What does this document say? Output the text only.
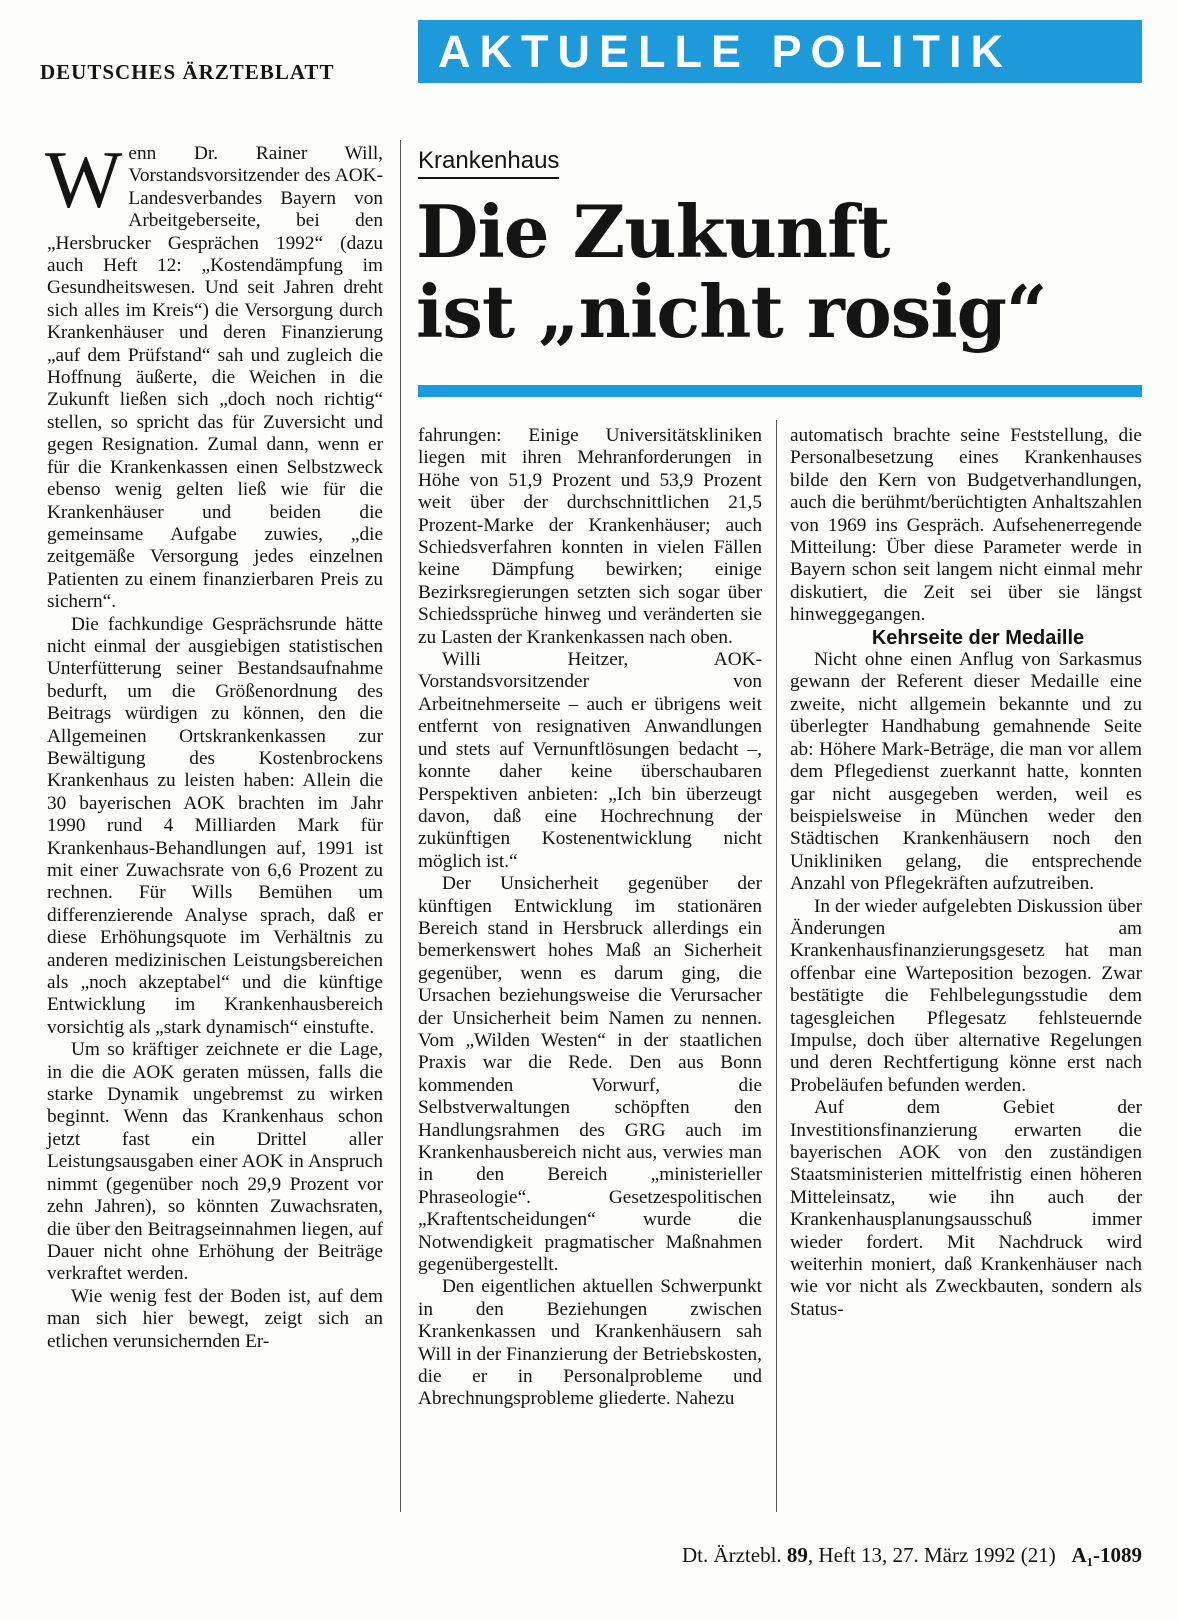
DEUTSCHES ÄRZTEBLATT	AKTUELLE POLITIK
Krankenhaus
Die Zukunft
ist „nicht rosig“

Wenn Dr. Rainer Will, Vorstandsvorsitzender des AOK-Landesverbandes Bayern von Arbeitgeberseite, bei den „Hersbrucker Gesprächen 1992“ (dazu auch Heft 12: „Kostendämpfung im Gesundheitswesen. Und seit Jahren dreht sich alles im Kreis“) die Versorgung durch Krankenhäuser und deren Finanzierung „auf dem Prüfstand“ sah und zugleich die Hoffnung äußerte, die Weichen in die Zukunft ließen sich „doch noch richtig“ stellen, so spricht das für Zuversicht und gegen Resignation. Zumal dann, wenn er für die Krankenkassen einen Selbstzweck ebenso wenig gelten ließ wie für die Krankenhäuser und beiden die gemeinsame Aufgabe zuwies, „die zeitgemäße Versorgung jedes einzelnen Patienten zu einem finanzierbaren Preis zu sichern“.

Die fachkundige Gesprächsrunde hätte nicht einmal der ausgiebigen statistischen Unterfütterung seiner Bestandsaufnahme bedurft, um die Größenordnung des Beitrags würdigen zu können, den die Allgemeinen Ortskrankenkassen zur Bewältigung des Kostenbrockens Krankenhaus zu leisten haben: Allein die 30 bayerischen AOK brachten im Jahr 1990 rund 4 Milliarden Mark für Krankenhaus-Behandlungen auf, 1991 ist mit einer Zuwachsrate von 6,6 Prozent zu rechnen. Für Wills Bemühen um differenzierende Analyse sprach, daß er diese Erhöhungsquote im Verhältnis zu anderen medizinischen Leistungsbereichen als „noch akzeptabel“ und die künftige Entwicklung im Krankenhausbereich vorsichtig als „stark dynamisch“ einstufte.

Um so kräftiger zeichnete er die Lage, in die die AOK geraten müssen, falls die starke Dynamik ungebremst zu wirken beginnt. Wenn das Krankenhaus schon jetzt fast ein Drittel aller Leistungsausgaben einer AOK in Anspruch nimmt (gegenüber noch 29,9 Prozent vor zehn Jahren), so könnten Zuwachsraten, die über den Beitragseinnahmen liegen, auf Dauer nicht ohne Erhöhung der Beiträge verkraftet werden.

Wie wenig fest der Boden ist, auf dem man sich hier bewegt, zeigt sich an etlichen verunsichernden Er-

fahrungen: Einige Universitätskliniken liegen mit ihren Mehranforderungen in Höhe von 51,9 Prozent und 53,9 Prozent weit über der durchschnittlichen 21,5 Prozent-Marke der Krankenhäuser; auch Schiedsverfahren konnten in vielen Fällen keine Dämpfung bewirken; einige Bezirksregierungen setzten sich sogar über Schiedssprüche hinweg und veränderten sie zu Lasten der Krankenkassen nach oben.

Willi Heitzer, AOK-Vorstandsvorsitzender von Arbeitnehmerseite – auch er übrigens weit entfernt von resignativen Anwandlungen und stets auf Vernunftlösungen bedacht –, konnte daher keine überschaubaren Perspektiven anbieten: „Ich bin überzeugt davon, daß eine Hochrechnung der zukünftigen Kostenentwicklung nicht möglich ist.“

Der Unsicherheit gegenüber der künftigen Entwicklung im stationären Bereich stand in Hersbruck allerdings ein bemerkenswert hohes Maß an Sicherheit gegenüber, wenn es darum ging, die Ursachen beziehungsweise die Verursacher der Unsicherheit beim Namen zu nennen. Vom „Wilden Westen“ in der staatlichen Praxis war die Rede. Den aus Bonn kommenden Vorwurf, die Selbstverwaltungen schöpften den Handlungsrahmen des GRG auch im Krankenhausbereich nicht aus, verwies man in den Bereich „ministerieller Phraseologie“. Gesetzespolitischen „Kraftentscheidungen“ wurde die Notwendigkeit pragmatischer Maßnahmen gegenübergestellt.

Den eigentlichen aktuellen Schwerpunkt in den Beziehungen zwischen Krankenkassen und Krankenhäusern sah Will in der Finanzierung der Betriebskosten, die er in Personalprobleme und Abrechnungsprobleme gliederte. Nahezu

automatisch brachte seine Feststellung, die Personalbesetzung eines Krankenhauses bilde den Kern von Budgetverhandlungen, auch die berühmt/berüchtigten Anhaltszahlen von 1969 ins Gespräch. Aufsehenerregende Mitteilung: Über diese Parameter werde in Bayern schon seit langem nicht einmal mehr diskutiert, die Zeit sei über sie längst hinweggegangen.

Kehrseite der Medaille

Nicht ohne einen Anflug von Sarkasmus gewann der Referent dieser Medaille eine zweite, nicht allgemein bekannte und zu überlegter Handhabung gemahnende Seite ab: Höhere Mark-Beträge, die man vor allem dem Pflegedienst zuerkannt hatte, konnten gar nicht ausgegeben werden, weil es beispielsweise in München weder den Städtischen Krankenhäusern noch den Unikliniken gelang, die entsprechende Anzahl von Pflegekräften aufzutreiben.

In der wieder aufgelebten Diskussion über Änderungen am Krankenhausfinanzierungsgesetz hat man offenbar eine Warteposition bezogen. Zwar bestätigte die Fehlbelegungsstudie dem tagesgleichen Pflegesatz fehlsteuernde Impulse, doch über alternative Regelungen und deren Rechtfertigung könne erst nach Probeläufen befunden werden.

Auf dem Gebiet der Investitionsfinanzierung erwarten die bayerischen AOK von den zuständigen Staatsministerien mittelfristig einen höheren Mitteleinsatz, wie ihn auch der Krankenhausplanungsausschuß immer wieder fordert. Mit Nachdruck wird weiterhin moniert, daß Krankenhäuser nach wie vor nicht als Zweckbauten, sondern als Status-

Dt. Ärztebl. 89, Heft 13, 27. März 1992 (21) A₁-1089
